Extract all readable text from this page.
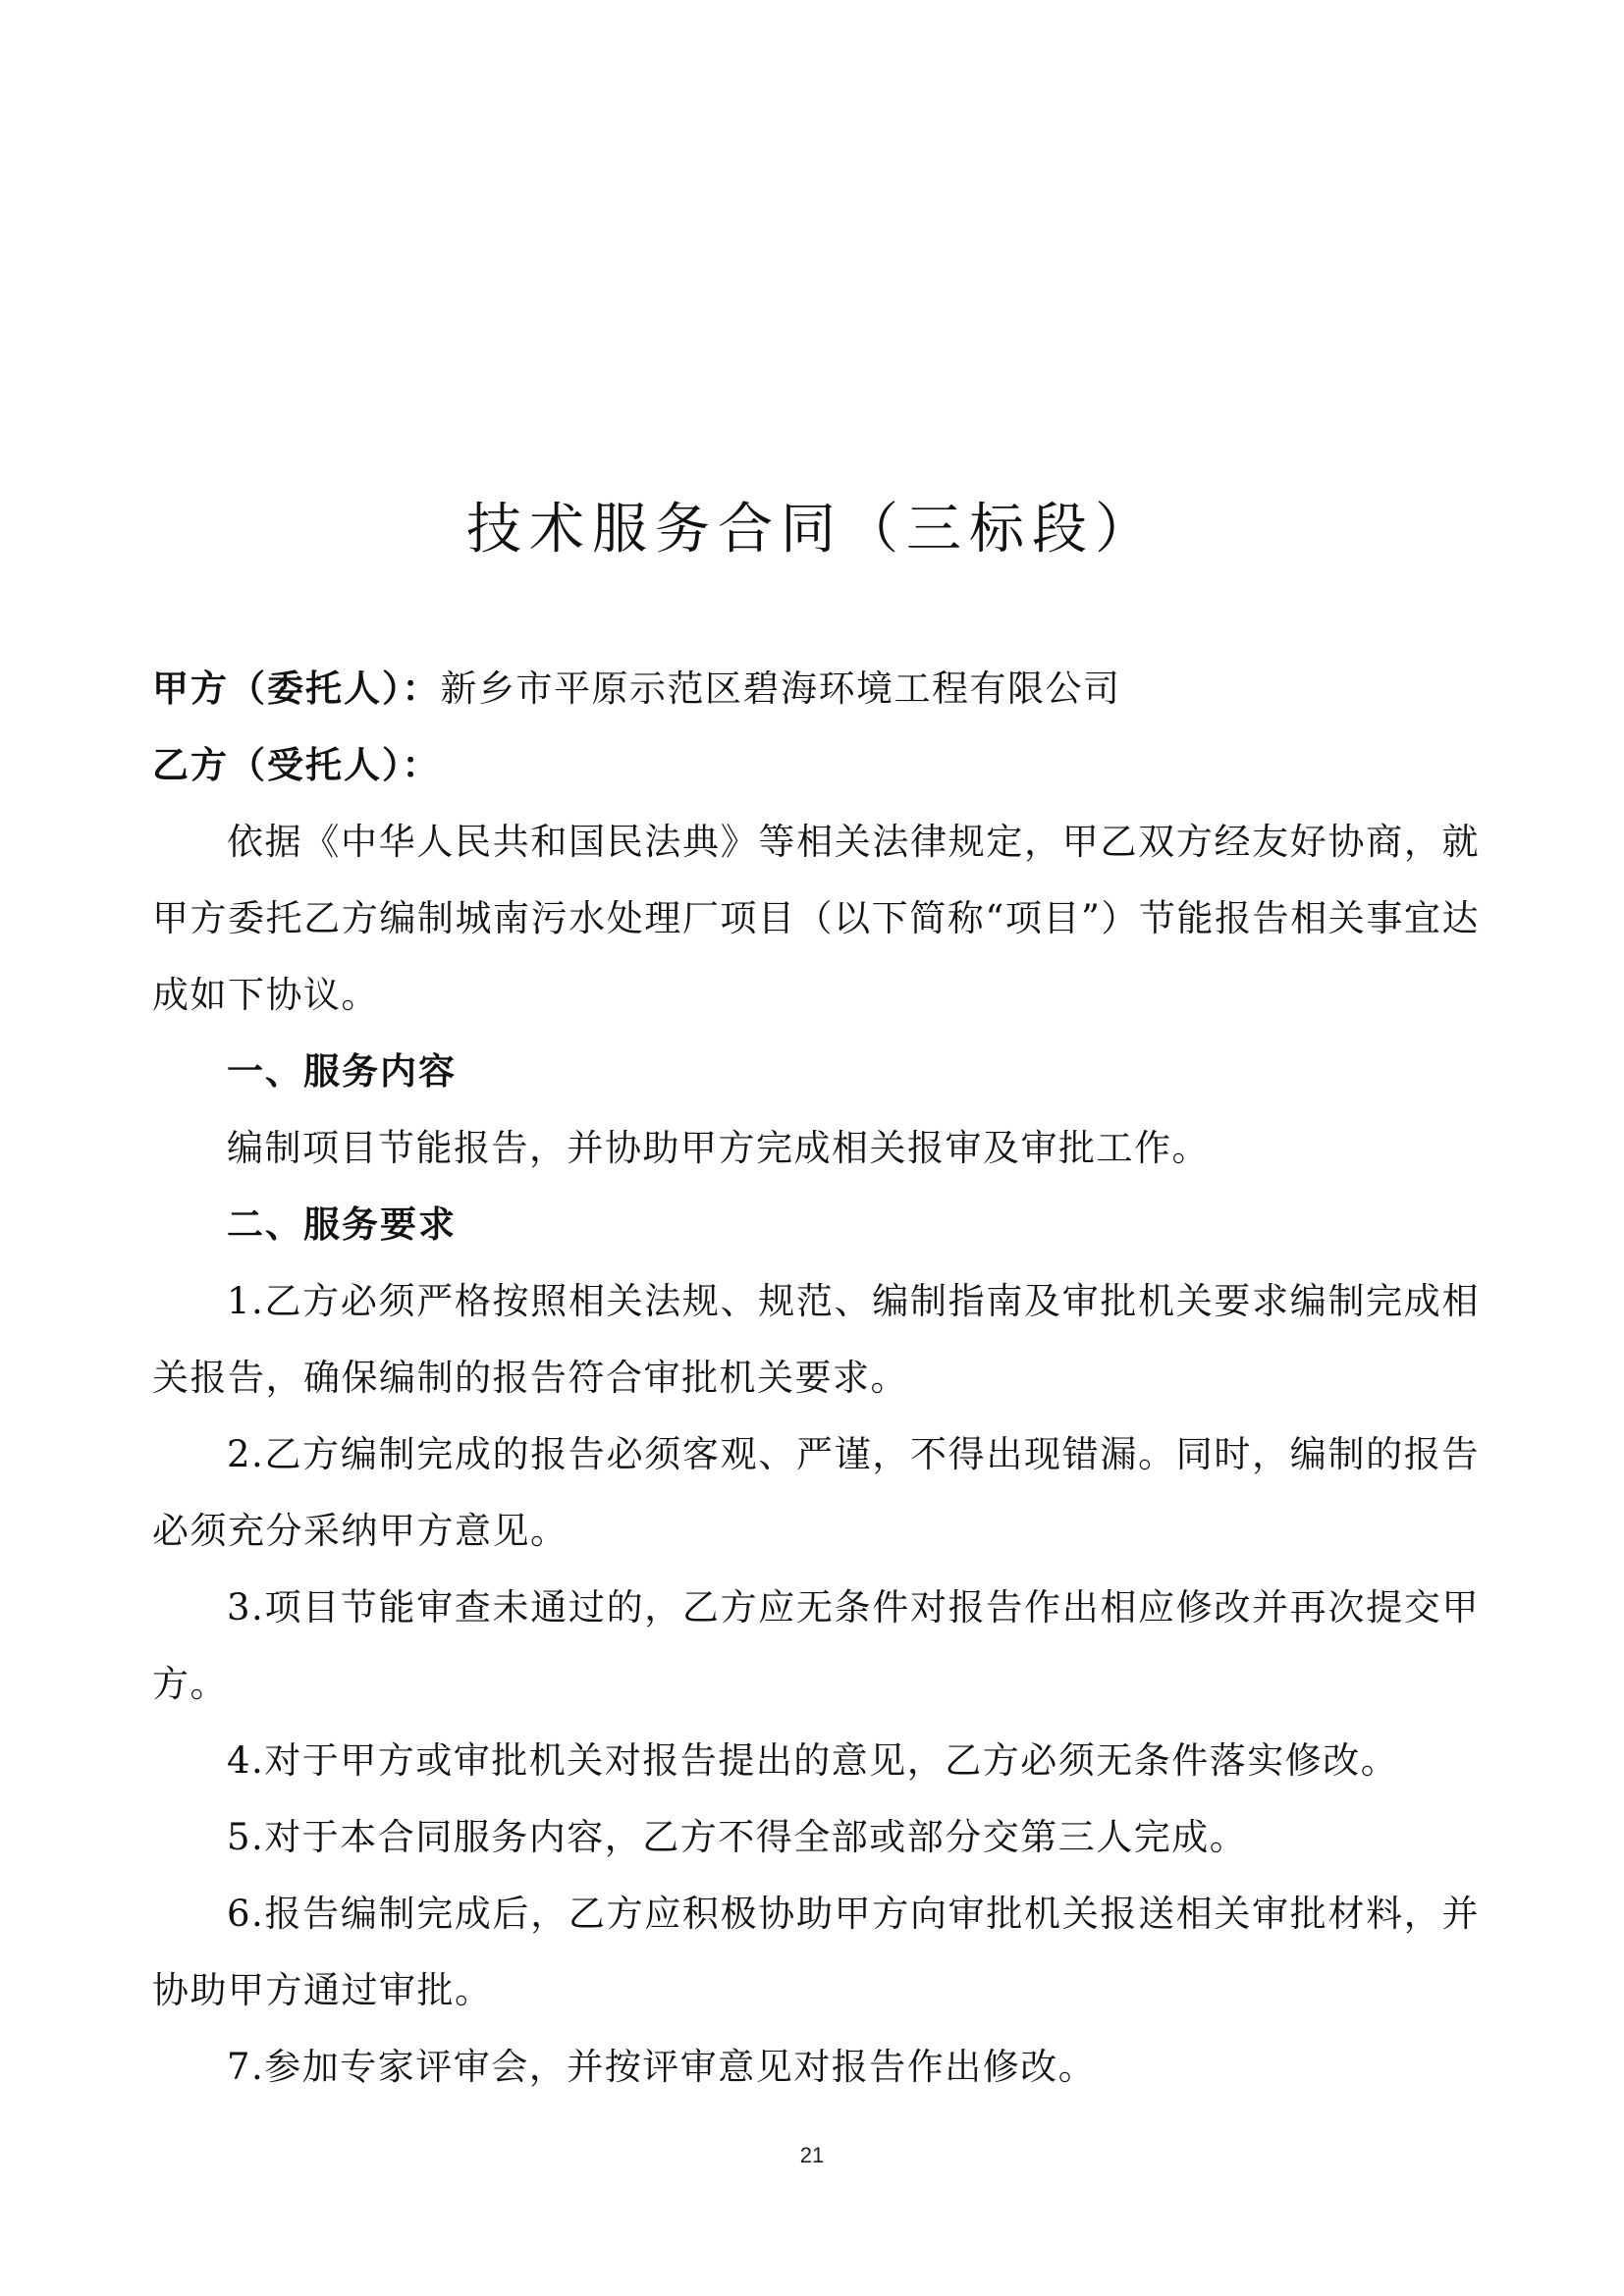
技术服务合同（三标段）

甲方（委托人）：新乡市平原示范区碧海环境工程有限公司

乙方（受托人）：

依据《中华人民共和国民法典》等相关法律规定，甲乙双方经友好协商，就甲方委托乙方编制城南污水处理厂项目（以下简称“项目”）节能报告相关事宜达成如下协议。

一、服务内容

编制项目节能报告，并协助甲方完成相关报审及审批工作。

二、服务要求

1.乙方必须严格按照相关法规、规范、编制指南及审批机关要求编制完成相关报告，确保编制的报告符合审批机关要求。

2.乙方编制完成的报告必须客观、严谨，不得出现错漏。同时，编制的报告必须充分采纳甲方意见。

3.项目节能审查未通过的，乙方应无条件对报告作出相应修改并再次提交甲方。

4.对于甲方或审批机关对报告提出的意见，乙方必须无条件落实修改。

5.对于本合同服务内容，乙方不得全部或部分交第三人完成。

6.报告编制完成后，乙方应积极协助甲方向审批机关报送相关审批材料，并协助甲方通过审批。

7.参加专家评审会，并按评审意见对报告作出修改。

21
